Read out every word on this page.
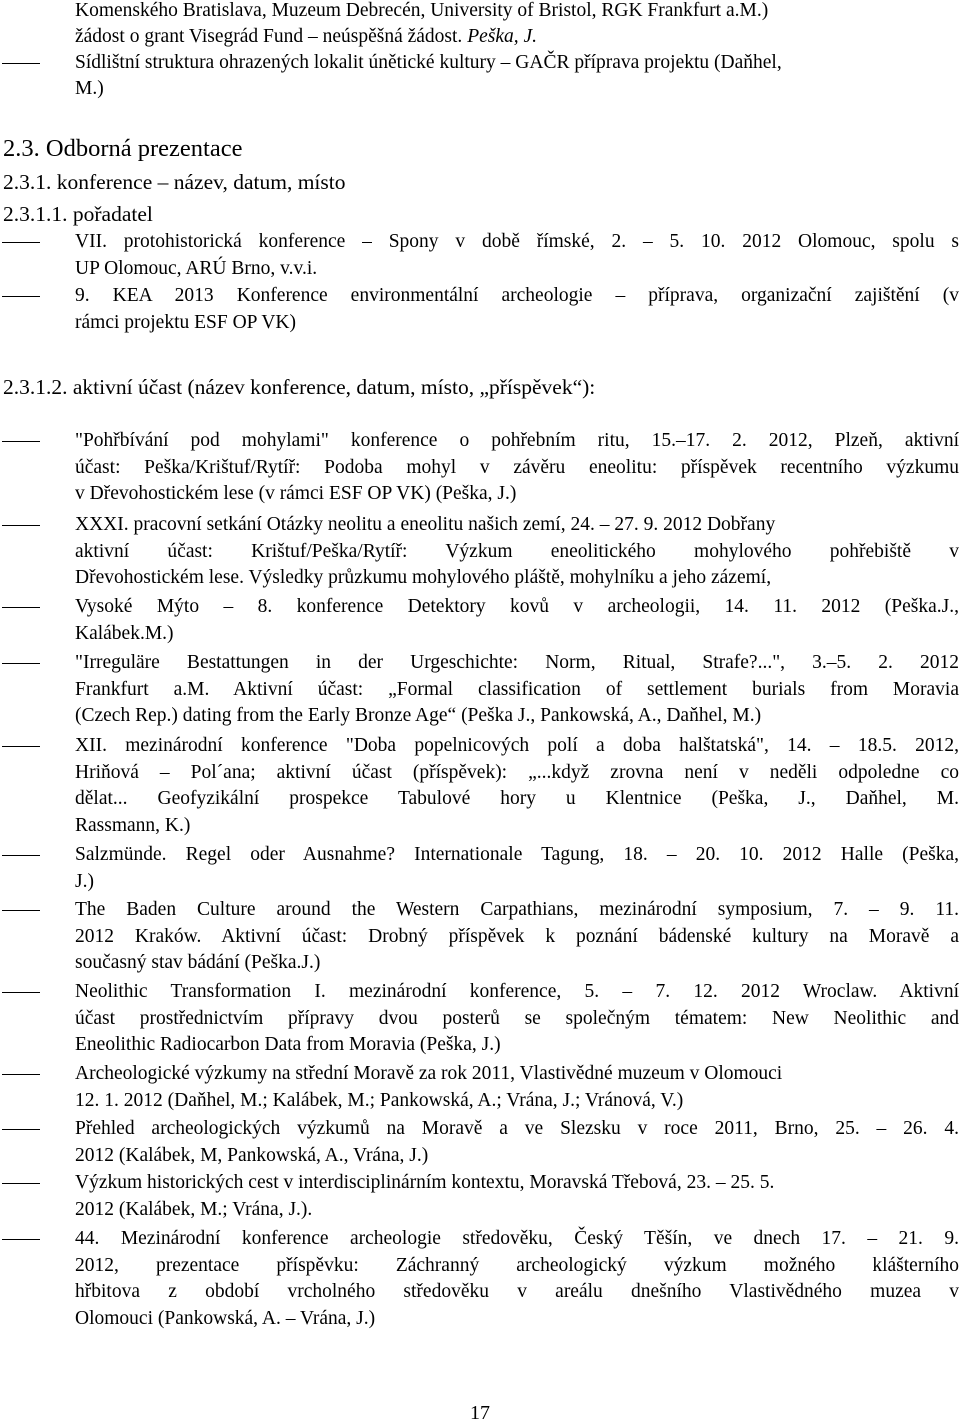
Komenského Bratislava, Muzeum Debrecén, University of Bristol, RGK Frankfurt a.M.)
žádost o grant Visegrád Fund – neúspěšná žádost. Peška, J.
Sídlištní struktura ohrazených lokalit únětické kultury – GAČR příprava projektu (Daňhel,
M.)
2.3. Odborná prezentace
2.3.1. konference – název, datum, místo
2.3.1.1. pořadatel
VII. protohistorická konference – Spony v době římské, 2. – 5. 10. 2012 Olomouc, spolu s
UP Olomouc, ARÚ Brno, v.v.i.
9. KEA 2013 Konference environmentální archeologie – příprava, organizační zajištění (v
rámci projektu ESF OP VK)
2.3.1.2. aktivní účast (název konference, datum, místo, „příspěvek“):
"Pohřbívání pod mohylami" konference o pohřebním ritu, 15.–17. 2. 2012, Plzeň, aktivní
účast: Peška/Krištuf/Rytíř: Podoba mohyl v závěru eneolitu: příspěvek recentního výzkumu
v Dřevohostickém lese (v rámci ESF OP VK) (Peška, J.)
XXXI. pracovní setkání Otázky neolitu a eneolitu našich zemí, 24. – 27. 9. 2012 Dobřany
aktivní účast: Krištuf/Peška/Rytíř: Výzkum eneolitického mohylového pohřebiště v
Dřevohostickém lese. Výsledky průzkumu mohylového pláště, mohylníku a jeho zázemí,
Vysoké Mýto – 8. konference Detektory kovů v archeologii, 14. 11. 2012 (Peška.J.,
Kalábek.M.)
"Irreguläre Bestattungen in der Urgeschichte: Norm, Ritual, Strafe?...", 3.–5. 2. 2012
Frankfurt a.M. Aktivní účast: „Formal classification of settlement burials from Moravia
(Czech Rep.) dating from the Early Bronze Age“ (Peška J., Pankowská, A., Daňhel, M.)
XII. mezinárodní konference "Doba popelnicových polí a doba halštatská", 14. – 18.5. 2012,
Hriňová – Pol´ana; aktivní účast (příspěvek): „...když zrovna není v neděli odpoledne co
dělat... Geofyzikální prospekce Tabulové hory u Klentnice (Peška, J., Daňhel, M.
Rassmann, K.)
Salzmünde. Regel oder Ausnahme? Internationale Tagung, 18. – 20. 10. 2012 Halle (Peška,
J.)
The Baden Culture around the Western Carpathians, mezinárodní symposium, 7. – 9. 11.
2012 Kraków. Aktivní účast: Drobný příspěvek k poznání bádenské kultury na Moravě a
současný stav bádání (Peška.J.)
Neolithic Transformation I. mezinárodní konference, 5. – 7. 12. 2012 Wroclaw. Aktivní
účast prostřednictvím přípravy dvou posterů se společným tématem: New Neolithic and
Eneolithic Radiocarbon Data from Moravia (Peška, J.)
Archeologické výzkumy na střední Moravě za rok 2011, Vlastivědné muzeum v Olomouci
12. 1. 2012 (Daňhel, M.; Kalábek, M.; Pankowská, A.; Vrána, J.; Vránová, V.)
Přehled archeologických výzkumů na Moravě a ve Slezsku v roce 2011, Brno, 25. – 26. 4.
2012 (Kalábek, M, Pankowská, A., Vrána, J.)
Výzkum historických cest v interdisciplinárním kontextu, Moravská Třebová, 23. – 25. 5.
2012 (Kalábek, M.; Vrána, J.).
44. Mezinárodní konference archeologie středověku, Český Těšín, ve dnech 17. – 21. 9.
2012, prezentace příspěvku: Záchranný archeologický výzkum možného klášterního
hřbitova z období vrcholného středověku v areálu dnešního Vlastivědného muzea v
Olomouci (Pankowská, A. – Vrána, J.)
17
